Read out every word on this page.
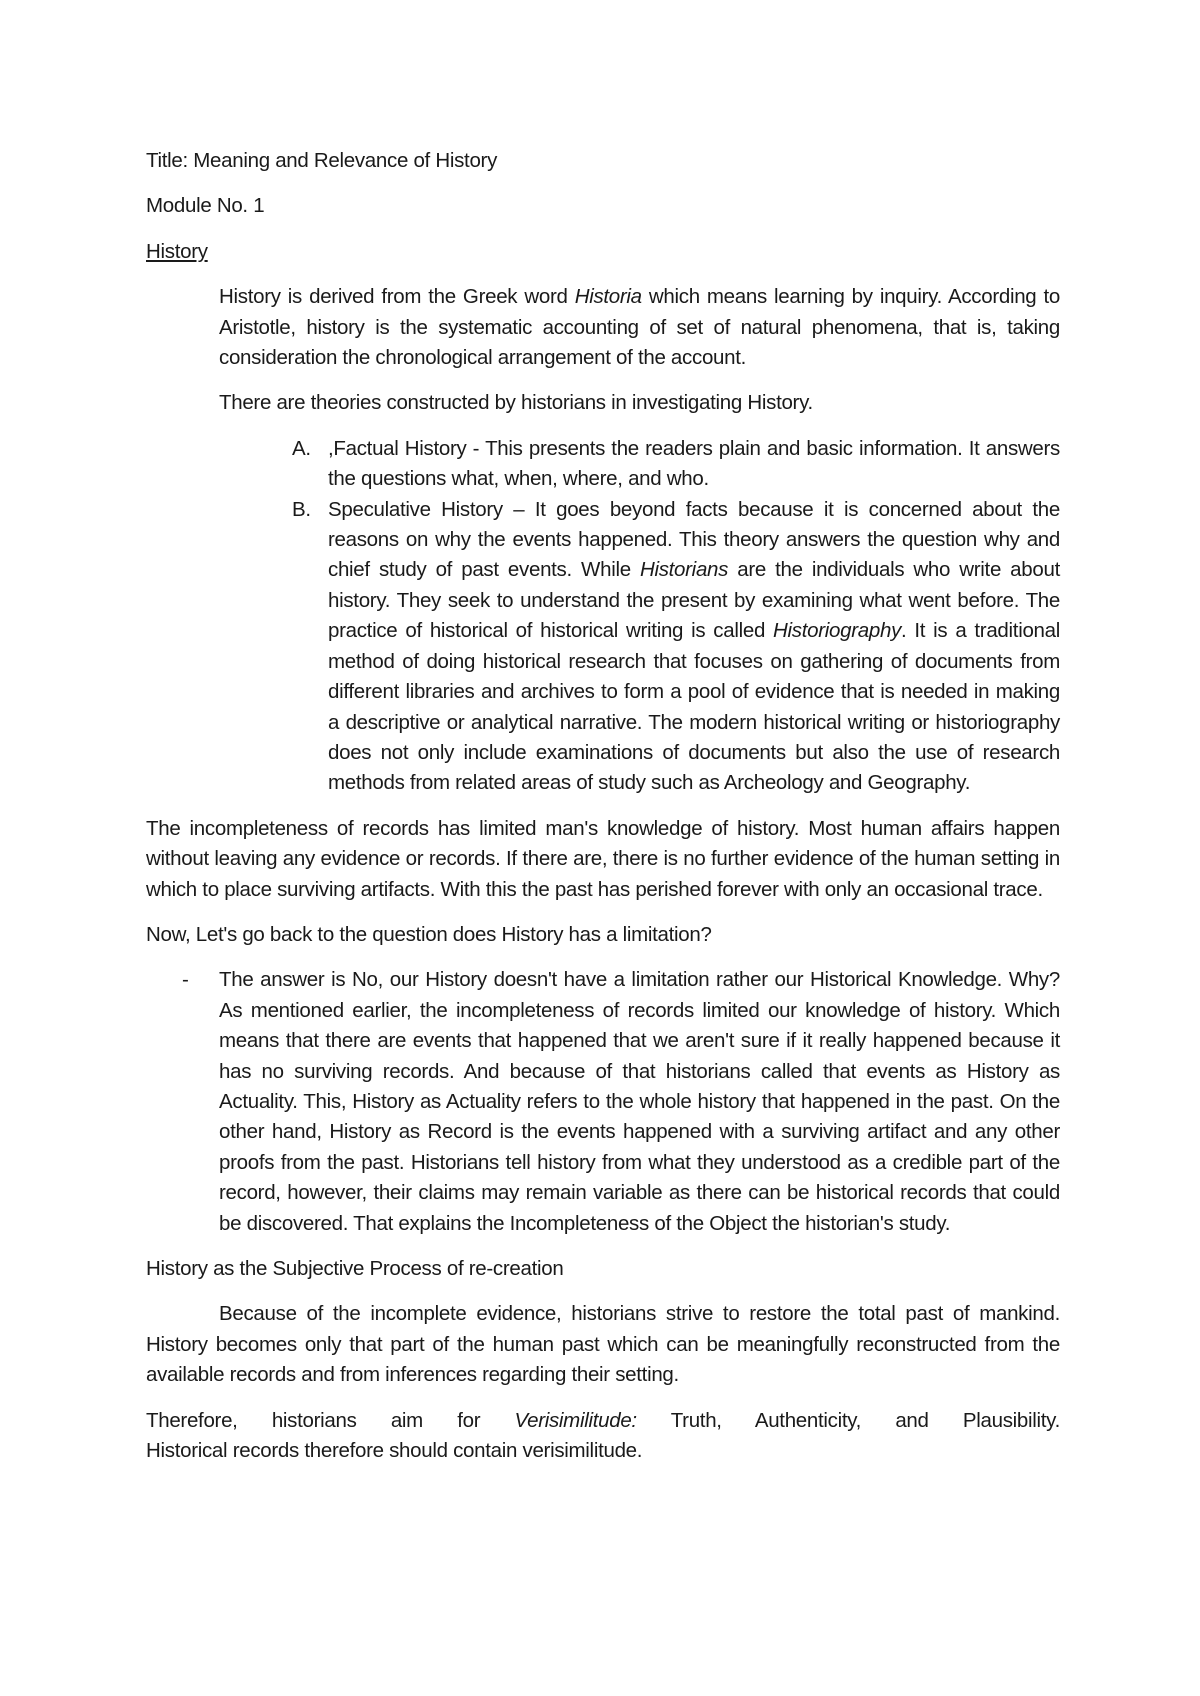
Title: Meaning and Relevance of History

Module No. 1

History

History is derived from the Greek word Historia which means learning by inquiry. According to Aristotle, history is the systematic accounting of set of natural phenomena, that is, taking consideration the chronological arrangement of the account.

There are theories constructed by historians in investigating History.

A. ,Factual History - This presents the readers plain and basic information. It answers the questions what, when, where, and who.
B. Speculative History – It goes beyond facts because it is concerned about the reasons on why the events happened. This theory answers the question why and chief study of past events. While Historians are the individuals who write about history. They seek to understand the present by examining what went before. The practice of historical of historical writing is called Historiography. It is a traditional method of doing historical research that focuses on gathering of documents from different libraries and archives to form a pool of evidence that is needed in making a descriptive or analytical narrative. The modern historical writing or historiography does not only include examinations of documents but also the use of research methods from related areas of study such as Archeology and Geography.

The incompleteness of records has limited man's knowledge of history. Most human affairs happen without leaving any evidence or records. If there are, there is no further evidence of the human setting in which to place surviving artifacts. With this the past has perished forever with only an occasional trace.

Now, Let's go back to the question does History has a limitation?

- The answer is No, our History doesn't have a limitation rather our Historical Knowledge. Why? As mentioned earlier, the incompleteness of records limited our knowledge of history. Which means that there are events that happened that we aren't sure if it really happened because it has no surviving records. And because of that historians called that events as History as Actuality. This, History as Actuality refers to the whole history that happened in the past. On the other hand, History as Record is the events happened with a surviving artifact and any other proofs from the past. Historians tell history from what they understood as a credible part of the record, however, their claims may remain variable as there can be historical records that could be discovered. That explains the Incompleteness of the Object the historian's study.

History as the Subjective Process of re-creation

Because of the incomplete evidence, historians strive to restore the total past of mankind. History becomes only that part of the human past which can be meaningfully reconstructed from the available records and from inferences regarding their setting.

Therefore, historians aim for Verisimilitude: Truth, Authenticity, and Plausibility.
Historical records therefore should contain verisimilitude.
